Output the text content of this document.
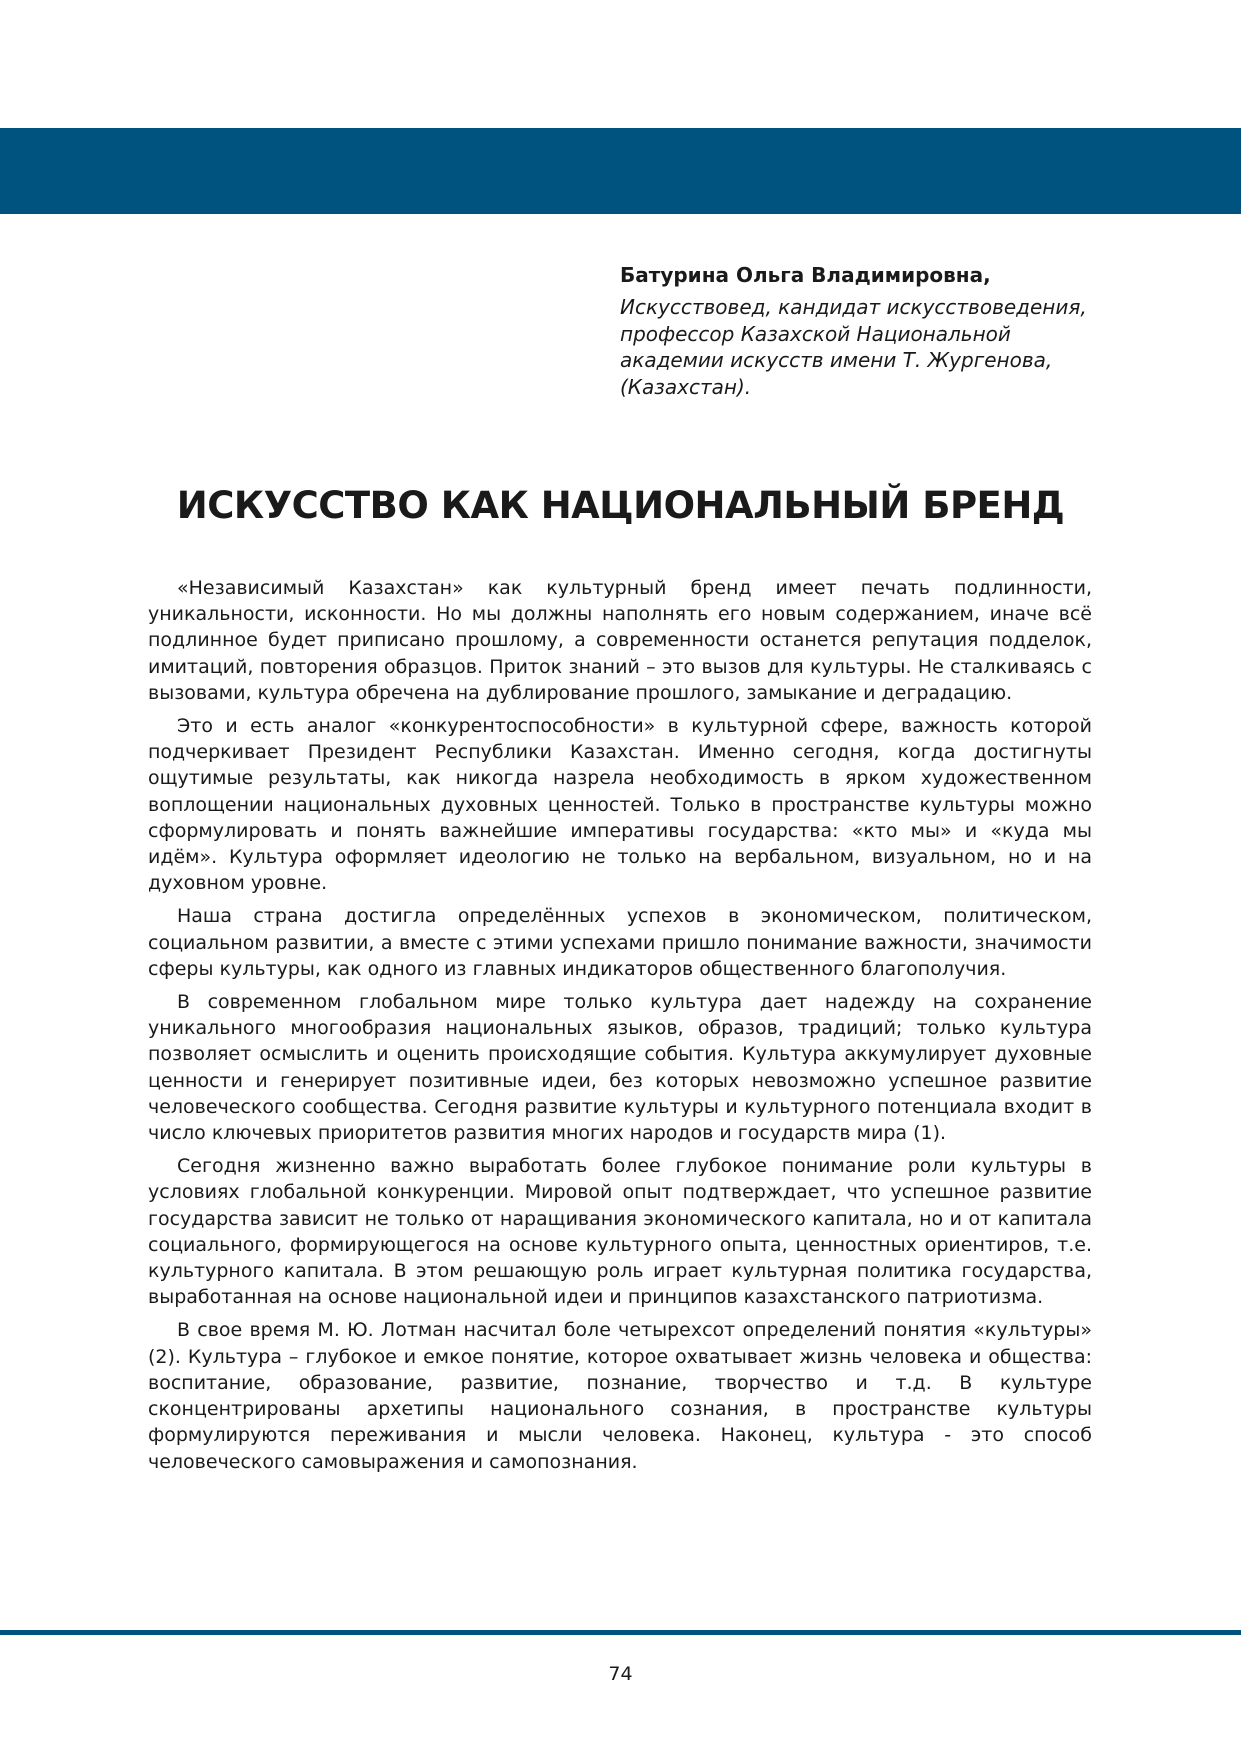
Батурина Ольга Владимировна,

Искусствовед, кандидат искусствоведения,
профессор Казахской Национальной
академии искусств имени Т. Жургенова,
(Казахстан).

ИСКУССТВО КАК НАЦИОНАЛЬНЫЙ БРЕНД

«Независимый Казахстан» как культурный бренд имеет печать подлинности, уникальности, исконности. Но мы должны наполнять его новым содержанием, иначе всё подлинное будет приписано прошлому, а современности останется репутация подделок, имитаций, повторения образцов. Приток знаний – это вызов для культуры. Не сталкиваясь с вызовами, культура обречена на дублирование прошлого, замыкание и деградацию.

Это и есть аналог «конкурентоспособности» в культурной сфере, важность которой подчеркивает Президент Республики Казахстан. Именно сегодня, когда достигнуты ощутимые результаты, как никогда назрела необходимость в ярком художественном воплощении национальных духовных ценностей. Только в пространстве культуры можно сформулировать и понять важнейшие императивы государства: «кто мы» и «куда мы идём». Культура оформляет идеологию не только на вербальном, визуальном, но и на духовном уровне.

Наша страна достигла определённых успехов в экономическом, политическом, социальном развитии, а вместе с этими успехами пришло понимание важности, значимости сферы культуры, как одного из главных индикаторов общественного благополучия.

В современном глобальном мире только культура дает надежду на сохранение уникального многообразия национальных языков, образов, традиций; только культура позволяет осмыслить и оценить происходящие события. Культура аккумулирует духовные ценности и генерирует позитивные идеи, без которых невозможно успешное развитие человеческого сообщества. Сегодня развитие культуры и культурного потенциала входит в число ключевых приоритетов развития многих народов и государств мира (1).

Сегодня жизненно важно выработать более глубокое понимание роли культуры в условиях глобальной конкуренции. Мировой опыт подтверждает, что успешное развитие государства зависит не только от наращивания экономического капитала, но и от капитала социального, формирующегося на основе культурного опыта, ценностных ориентиров, т.е. культурного капитала. В этом решающую роль играет культурная политика государства, выработанная на основе национальной идеи и принципов казахстанского патриотизма.

В свое время М. Ю. Лотман насчитал боле четырехсот определений понятия «культуры» (2). Культура – глубокое и емкое понятие, которое охватывает жизнь человека и общества: воспитание, образование, развитие, познание, творчество и т.д. В культуре сконцентрированы архетипы национального сознания, в пространстве культуры формулируются переживания и мысли человека. Наконец, культура - это способ человеческого самовыражения и самопознания.

74
